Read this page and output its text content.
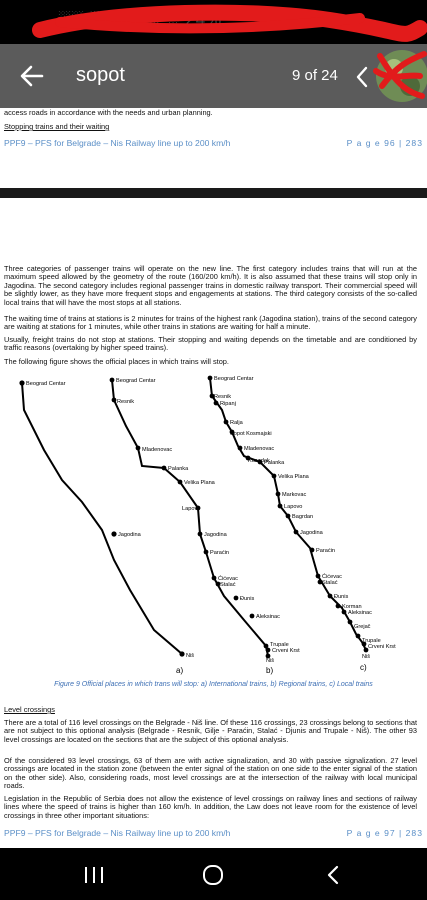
░░ ░░░ ░░ ░ 24%
sopot	9 of 24
access roads in accordance with the needs and urban planning.
Stopping trains and their waiting
PPF9 – PFS for Belgrade – Nis Railway line up to 200 km/h	P a g e 96 | 283
Three categories of passenger trains will operate on the new line. The first category includes trains that will run at the maximum speed allowed by the geometry of the route (160/200 km/h). It is also assumed that these trains will stop only in Jagodina. The second category includes regional passenger trains in domestic railway transport. Their commercial speed will be slightly lower, as they have more frequent stops and engagements at stations. The third category consists of the so-called local trains that will have the most stops at all stations.
The waiting time of trains at stations is 2 minutes for trains of the highest rank (Jagodina station), trains of the second category are waiting at stations for 1 minutes, while other trains in stations are waiting for half a minute.
Usually, freight trains do not stop at stations. Their stopping and waiting depends on the timetable and are conditioned by traffic reasons (overtaking by higher speed trains).
The following figure shows the official places in which trains will stop.
Beograd Centar
Jagodina
Niš
a)
Beograd Centar
Resnik
Mladenovac
Palanka
Velika Plana
Lapovo
Jagodina
Paraćin
Ćićevac
Stalać
Đunis
Aleksinac
Trupale
Crveni Krst
Niš
b)
Beograd Centar
Resnik
Ripanj
Ralja
Sopot Kosmajski
Mladenovac
Kusadak
Palanka
Velika Plana
Markovac
Lapovo
Bagrdan
Jagodina
Paraćin
Ćićevac
Stalać
Đunis
Korman
Aleksinac
Grejač
Trupale
Crveni Krst
Niš
c)
Figure 9 Official places in which trans will stop: a) International trains, b) Regional trains, c) Local trains
Level crossings
There are a total of 116 level crossings on the Belgrade - Niš line. Of these 116 crossings, 23 crossings belong to sections that are not subject to this optional analysis (Belgrade - Resnik, Gilje - Paraćin, Stalać - Djunis and Trupale - Niš). The other 93 level crossings are located on the sections that are the subject of this optional analysis.
Of the considered 93 level crossings, 63 of them are with active signalization, and 30 with passive signalization. 27 level crossings are located in the station zone (between the enter signal of the station on one side to the enter signal of the station on the other side). Also, considering roads, most level crossings are at the intersection of the railway with local municipal roads.
Legislation in the Republic of Serbia does not allow the existence of level crossings on railway lines and sections of railway lines where the speed of trains is higher than 160 km/h. In addition, the Law does not leave room for the existence of level crossings in three other important situations:
PPF9 – PFS for Belgrade – Nis Railway line up to 200 km/h	P a g e 97 | 283
